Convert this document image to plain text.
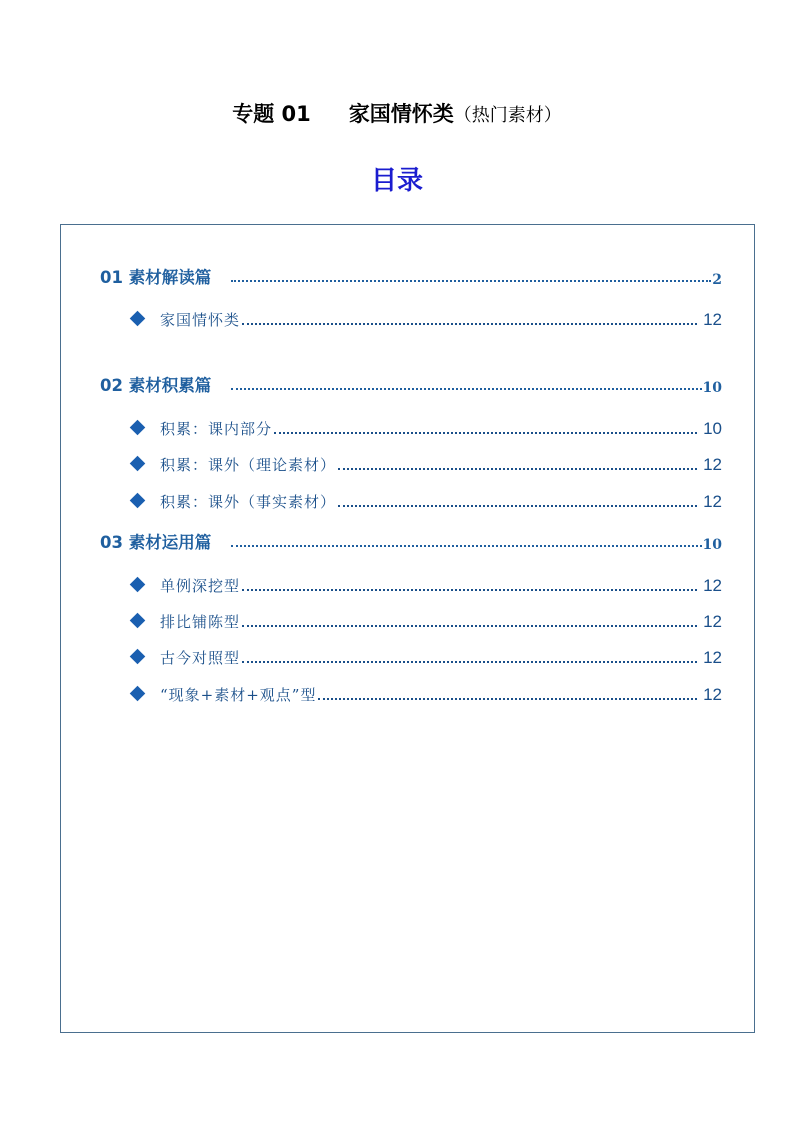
专题 01 家国情怀类（热门素材）
目录
01 素材解读篇	2
家国情怀类	12
02 素材积累篇	10
积累：课内部分	10
积累：课外（理论素材）	12
积累：课外（事实素材）	12
03 素材运用篇	10
单例深挖型	12
排比铺陈型	12
古今对照型	12
“现象+素材+观点”型	12
